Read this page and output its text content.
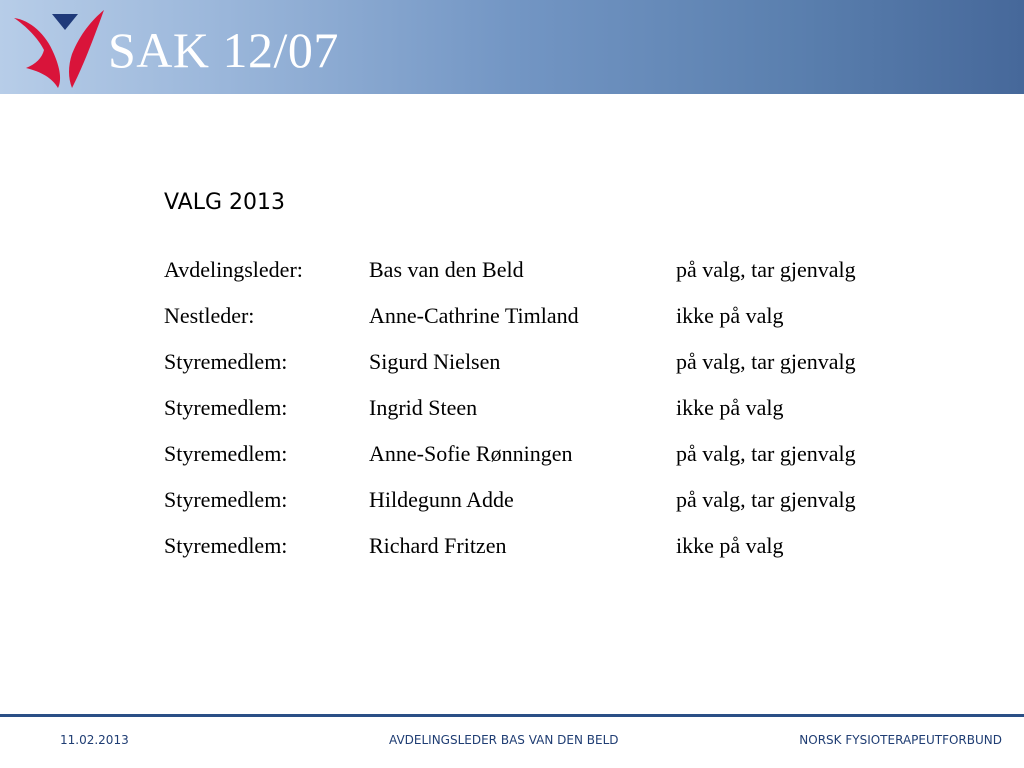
SAK 12/07
VALG 2013
Avdelingsleder:	Bas van den Beld	på valg, tar gjenvalg
Nestleder:	Anne-Cathrine Timland	ikke på valg
Styremedlem:	Sigurd Nielsen	på valg, tar gjenvalg
Styremedlem:	Ingrid Steen	ikke på valg
Styremedlem:	Anne-Sofie Rønningen	på valg, tar gjenvalg
Styremedlem:	Hildegunn Adde	på valg, tar gjenvalg
Styremedlem:	Richard Fritzen	ikke på valg
11.02.2013	AVDELINGSLEDER BAS VAN DEN BELD	NORSK FYSIOTERAPEUTFORBUND
